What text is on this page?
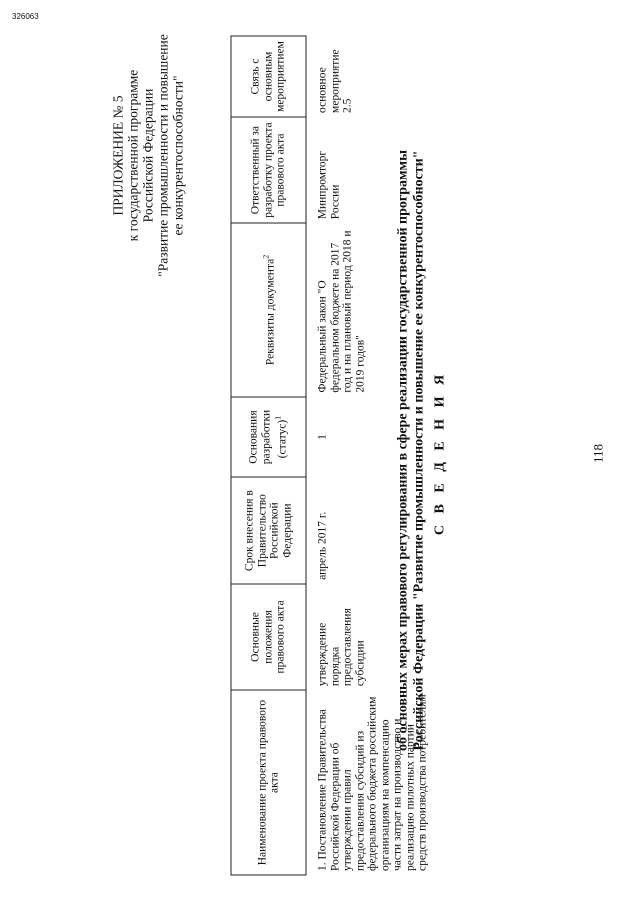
326063
118
ПРИЛОЖЕНИЕ № 5 к государственной программе Российской Федерации "Развитие промышленности и повышение ее конкурентоспособности"
С В Е Д Е Н И Я
об основных мерах правового регулирования в сфере реализации государственной программы Российской Федерации "Развитие промышленности и повышение ее конкурентоспособности"
Наименование проекта правового акта	Основные положения правового акта	Срок внесения в Правительство Российской Федерации	Основания разработки (статус)$^1$	Реквизиты документа$^2$	Ответственный за разработку проекта правового акта	Связь с основным мероприятием
1. Постановление Правительства Российской Федерации об утверждении правил предоставления субсидий из федерального бюджета российским организациям на компенсацию части затрат на производство и реализацию пилотных партий средств производства потребителям	утверждение порядка предоставления субсидии	апрель 2017 г.	1	Федеральный закон "О федеральном бюджете на 2017 год и на плановый период 2018 и 2019 годов"	Минпромторг России	основное мероприятие 2.5
